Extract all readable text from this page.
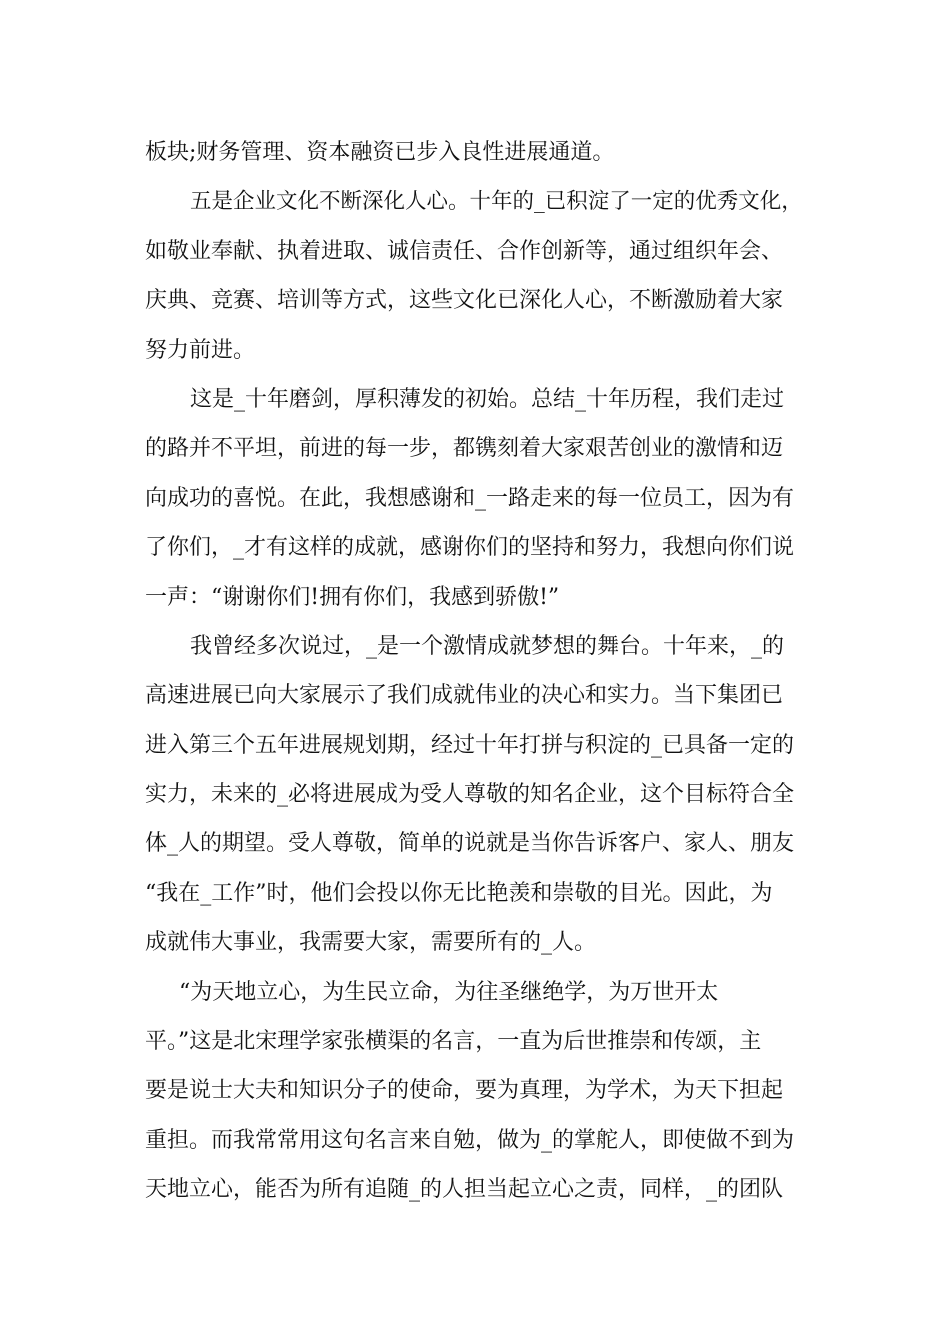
板块;财务管理、资本融资已步入良性进展通道。
五是企业文化不断深化人心。十年的_已积淀了一定的优秀文化，
如敬业奉献、执着进取、诚信责任、合作创新等，通过组织年会、
庆典、竞赛、培训等方式，这些文化已深化人心，不断激励着大家
努力前进。
这是_十年磨剑，厚积薄发的初始。总结_十年历程，我们走过
的路并不平坦，前进的每一步，都镌刻着大家艰苦创业的激情和迈
向成功的喜悦。在此，我想感谢和_一路走来的每一位员工，因为有
了你们，_才有这样的成就，感谢你们的坚持和努力，我想向你们说
一声：“谢谢你们!拥有你们，我感到骄傲!”
我曾经多次说过，_是一个激情成就梦想的舞台。十年来，_的
高速进展已向大家展示了我们成就伟业的决心和实力。当下集团已
进入第三个五年进展规划期，经过十年打拼与积淀的_已具备一定的
实力，未来的_必将进展成为受人尊敬的知名企业，这个目标符合全
体_人的期望。受人尊敬，简单的说就是当你告诉客户、家人、朋友
“我在_工作”时，他们会投以你无比艳羡和崇敬的目光。因此，为
成就伟大事业，我需要大家，需要所有的_人。
“为天地立心，为生民立命，为往圣继绝学，为万世开太
平。”这是北宋理学家张横渠的名言，一直为后世推崇和传颂，主
要是说士大夫和知识分子的使命，要为真理，为学术，为天下担起
重担。而我常常用这句名言来自勉，做为_的掌舵人，即使做不到为
天地立心，能否为所有追随_的人担当起立心之责，同样，_的团队
